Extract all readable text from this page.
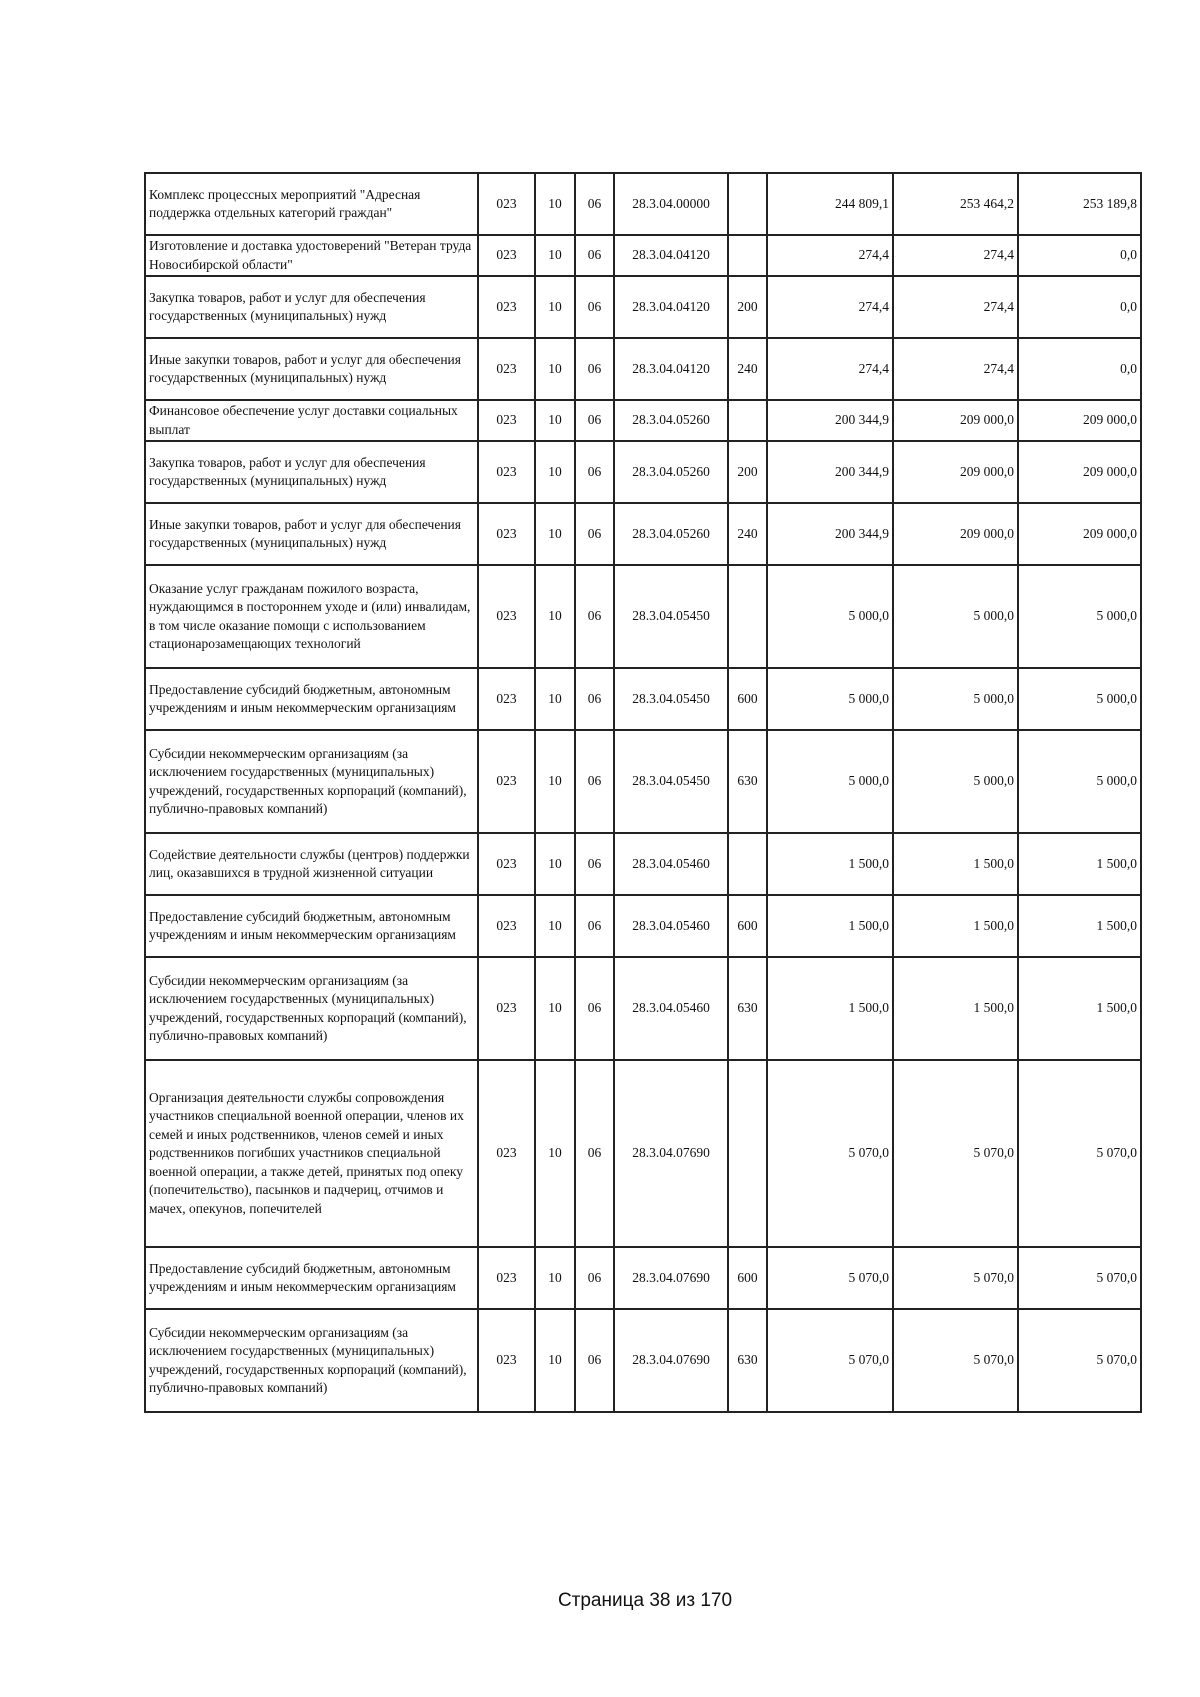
Комплекс процессных мероприятий "Адресная поддержка отдельных категорий граждан"	023	10	06	28.3.04.00000		244 809,1	253 464,2	253 189,8
Изготовление и доставка удостоверений "Ветеран труда Новосибирской области"	023	10	06	28.3.04.04120		274,4	274,4	0,0
Закупка товаров, работ и услуг для обеспечения государственных (муниципальных) нужд	023	10	06	28.3.04.04120	200	274,4	274,4	0,0
Иные закупки товаров, работ и услуг для обеспечения государственных (муниципальных) нужд	023	10	06	28.3.04.04120	240	274,4	274,4	0,0
Финансовое обеспечение услуг доставки социальных выплат	023	10	06	28.3.04.05260		200 344,9	209 000,0	209 000,0
Закупка товаров, работ и услуг для обеспечения государственных (муниципальных) нужд	023	10	06	28.3.04.05260	200	200 344,9	209 000,0	209 000,0
Иные закупки товаров, работ и услуг для обеспечения государственных (муниципальных) нужд	023	10	06	28.3.04.05260	240	200 344,9	209 000,0	209 000,0
Оказание услуг гражданам пожилого возраста, нуждающимся в постороннем уходе и (или) инвалидам, в том числе оказание помощи с использованием стационарозамещающих технологий	023	10	06	28.3.04.05450		5 000,0	5 000,0	5 000,0
Предоставление субсидий бюджетным, автономным учреждениям и иным некоммерческим организациям	023	10	06	28.3.04.05450	600	5 000,0	5 000,0	5 000,0
Субсидии некоммерческим организациям (за исключением государственных (муниципальных) учреждений, государственных корпораций (компаний), публично-правовых компаний)	023	10	06	28.3.04.05450	630	5 000,0	5 000,0	5 000,0
Содействие деятельности службы (центров) поддержки лиц, оказавшихся в трудной жизненной ситуации	023	10	06	28.3.04.05460		1 500,0	1 500,0	1 500,0
Предоставление субсидий бюджетным, автономным учреждениям и иным некоммерческим организациям	023	10	06	28.3.04.05460	600	1 500,0	1 500,0	1 500,0
Субсидии некоммерческим организациям (за исключением государственных (муниципальных) учреждений, государственных корпораций (компаний), публично-правовых компаний)	023	10	06	28.3.04.05460	630	1 500,0	1 500,0	1 500,0
Организация деятельности службы сопровождения участников специальной военной операции, членов их семей и иных родственников, членов семей и иных родственников погибших участников специальной военной операции, а также детей, принятых под опеку (попечительство), пасынков и падчериц, отчимов и мачех, опекунов, попечителей	023	10	06	28.3.04.07690		5 070,0	5 070,0	5 070,0
Предоставление субсидий бюджетным, автономным учреждениям и иным некоммерческим организациям	023	10	06	28.3.04.07690	600	5 070,0	5 070,0	5 070,0
Субсидии некоммерческим организациям (за исключением государственных (муниципальных) учреждений, государственных корпораций (компаний), публично-правовых компаний)	023	10	06	28.3.04.07690	630	5 070,0	5 070,0	5 070,0
Страница 38 из 170
